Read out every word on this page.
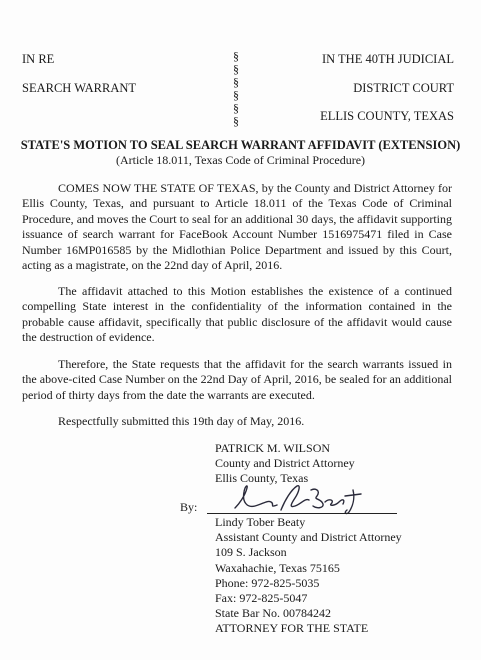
IN RE
SEARCH WARRANT
§
§
§
§
§
§
IN THE 40TH JUDICIAL
DISTRICT COURT
ELLIS COUNTY, TEXAS
STATE'S MOTION TO SEAL SEARCH WARRANT AFFIDAVIT (EXTENSION)
(Article 18.011, Texas Code of Criminal Procedure)
COMES NOW THE STATE OF TEXAS, by the County and District Attorney for Ellis County, Texas, and pursuant to Article 18.011 of the Texas Code of Criminal Procedure, and moves the Court to seal for an additional 30 days, the affidavit supporting issuance of search warrant for FaceBook Account Number 1516975471 filed in Case Number 16MP016585 by the Midlothian Police Department and issued by this Court, acting as a magistrate, on the 22nd day of April, 2016.
The affidavit attached to this Motion establishes the existence of a continued compelling State interest in the confidentiality of the information contained in the probable cause affidavit, specifically that public disclosure of the affidavit would cause the destruction of evidence.
Therefore, the State requests that the affidavit for the search warrants issued in the above-cited Case Number on the 22nd Day of April, 2016, be sealed for an additional period of thirty days from the date the warrants are executed.
Respectfully submitted this 19th day of May, 2016.
PATRICK M. WILSON
County and District Attorney
Ellis County, Texas
By:
Lindy Tober Beaty
Assistant County and District Attorney
109 S. Jackson
Waxahachie, Texas 75165
Phone: 972-825-5035
Fax: 972-825-5047
State Bar No. 00784242
ATTORNEY FOR THE STATE
